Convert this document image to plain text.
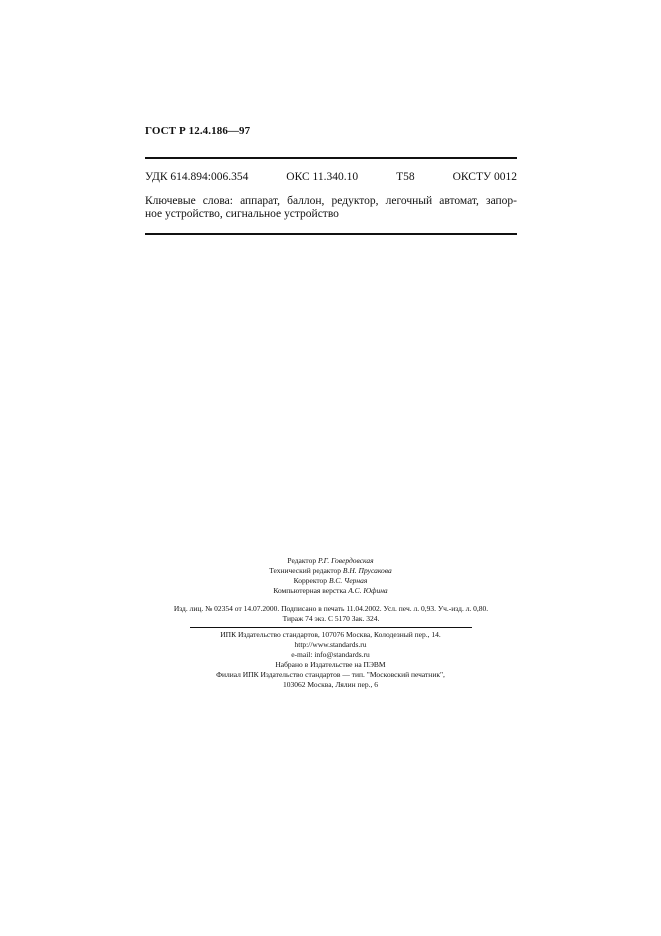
ГОСТ Р 12.4.186—97
УДК 614.894:006.354	ОКС 11.340.10	Т58	ОКСТУ 0012
Ключевые слова: аппарат, баллон, редуктор, легочный автомат, запор-
ное устройство, сигнальное устройство
Редактор Р.Г. Говердовская
Технический редактор В.Н. Прусакова
Корректор В.С. Черная
Компьютерная верстка А.С. Юфина
Изд. лиц. № 02354 от 14.07.2000. Подписано в печать 11.04.2002. Усл. печ. л. 0,93. Уч.-изд. л. 0,80.
Тираж 74 экз. С 5170 Зак. 324.
ИПК Издательство стандартов, 107076 Москва, Колодезный пер., 14.
http://www.standards.ru
e-mail: info@standards.ru
Набрано в Издательстве на ПЭВМ
Филиал ИПК Издательство стандартов — тип. "Московский печатник",
103062 Москва, Лялин пер., 6
